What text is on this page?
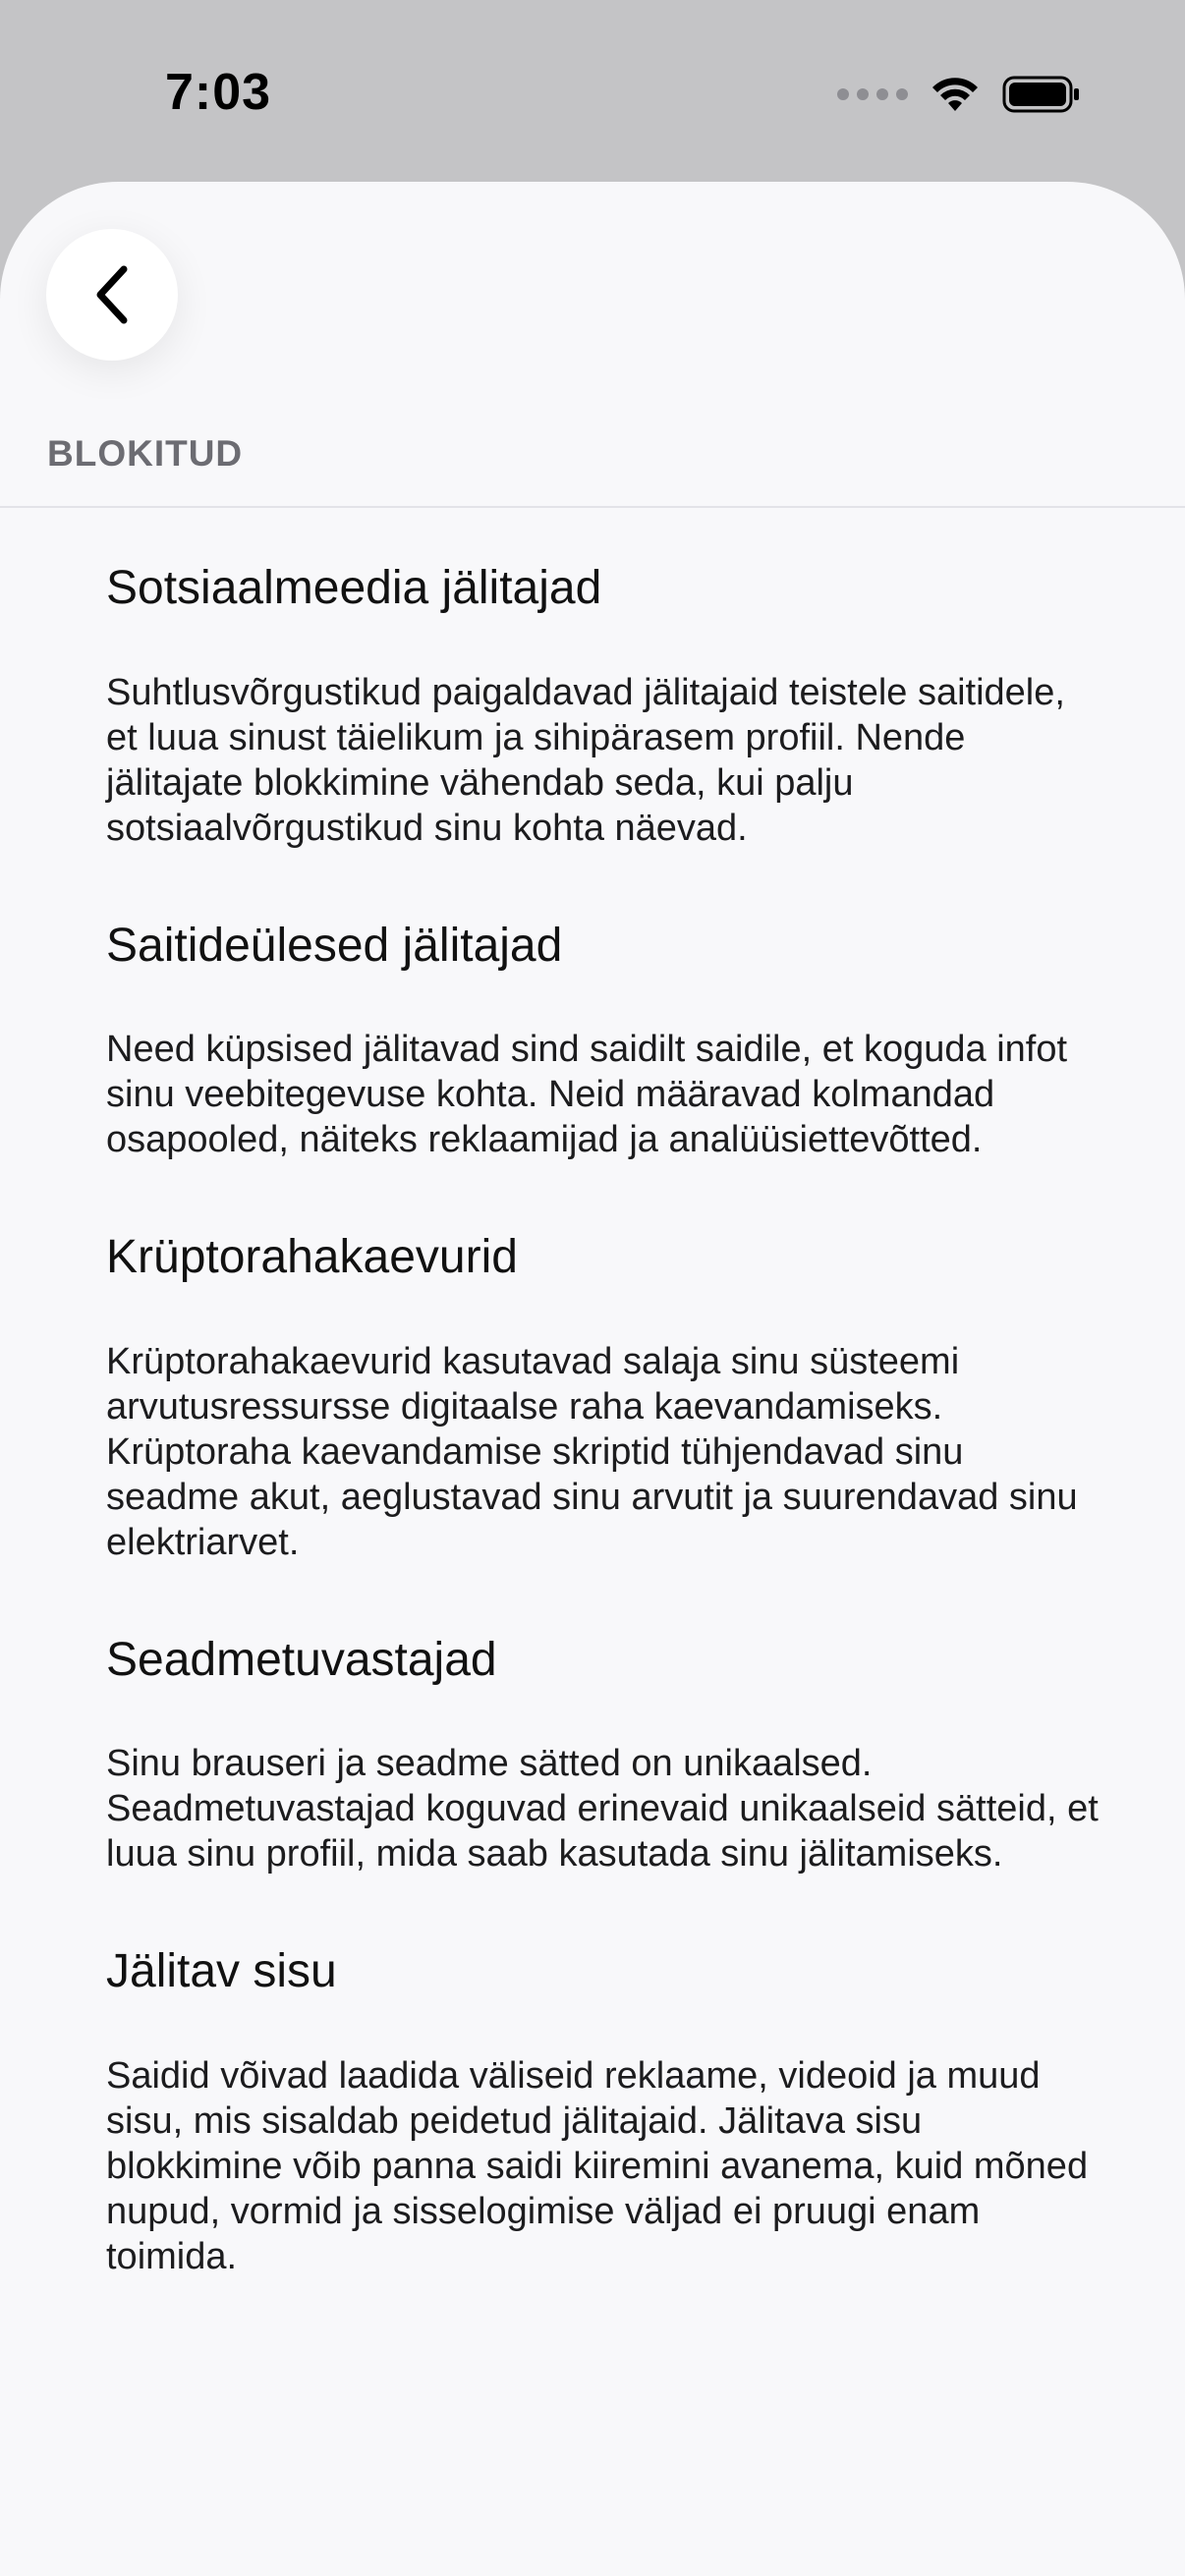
7:03
BLOKITUD
Sotsiaalmeedia jälitajad
Suhtlusvõrgustikud paigaldavad jälitajaid teistele saitidele, et luua sinust täielikum ja sihipärasem profiil. Nende jälitajate blokkimine vähendab seda, kui palju sotsiaalvõrgustikud sinu kohta näevad.
Saitideülesed jälitajad
Need küpsised jälitavad sind saidilt saidile, et koguda infot sinu veebitegevuse kohta. Neid määravad kolmandad osapooled, näiteks reklaamijad ja analüüsiettevõtted.
Krüptorahakaevurid
Krüptorahakaevurid kasutavad salaja sinu süsteemi arvutusressursse digitaalse raha kaevandamiseks. Krüptoraha kaevandamise skriptid tühjendavad sinu seadme akut, aeglustavad sinu arvutit ja suurendavad sinu elektriarvet.
Seadmetuvastajad
Sinu brauseri ja seadme sätted on unikaalsed. Seadmetuvastajad koguvad erinevaid unikaalseid sätteid, et luua sinu profiil, mida saab kasutada sinu jälitamiseks.
Jälitav sisu
Saidid võivad laadida väliseid reklaame, videoid ja muud sisu, mis sisaldab peidetud jälitajaid. Jälitava sisu blokkimine võib panna saidi kiiremini avanema, kuid mõned nupud, vormid ja sisselogimise väljad ei pruugi enam toimida.
